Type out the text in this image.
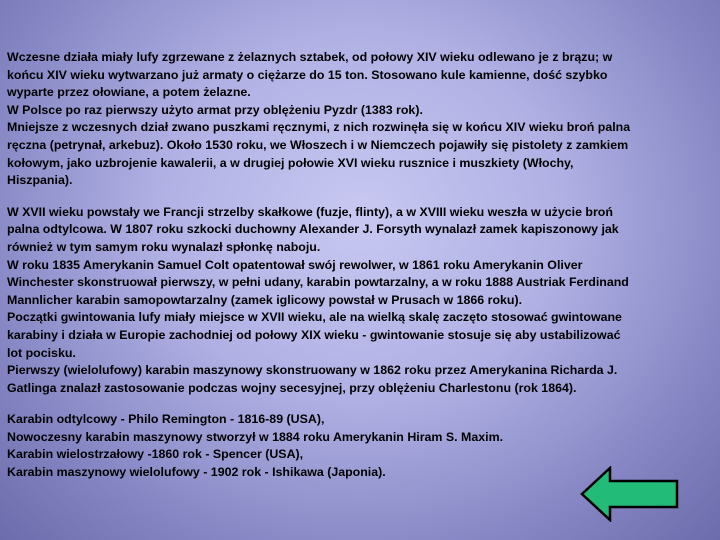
Wczesne działa miały lufy zgrzewane z żelaznych sztabek, od połowy XIV wieku odlewano je z brązu; w
końcu XIV wieku wytwarzano już armaty o ciężarze do 15 ton. Stosowano kule kamienne, dość szybko
wyparte przez ołowiane, a potem żelazne.
W Polsce po raz pierwszy użyto armat przy oblężeniu Pyzdr (1383 rok).
Mniejsze z wczesnych dział zwano puszkami ręcznymi, z nich rozwinęła się w końcu XIV wieku broń palna
ręczna (petrynał, arkebuz). Około 1530 roku, we Włoszech i w Niemczech pojawiły się pistolety z zamkiem
kołowym, jako uzbrojenie kawalerii, a w drugiej połowie XVI wieku rusznice i muszkiety (Włochy,
Hiszpania).

W XVII wieku powstały we Francji strzelby skałkowe (fuzje, flinty), a w XVIII wieku weszła w użycie broń
palna odtylcowa. W 1807 roku szkocki duchowny Alexander J. Forsyth wynalazł zamek kapiszonowy jak
również w tym samym roku wynalazł spłonkę naboju.
W roku 1835 Amerykanin Samuel Colt opatentował swój rewolwer, w 1861 roku Amerykanin Oliver
Winchester skonstruował pierwszy, w pełni udany, karabin powtarzalny, a w roku 1888 Austriak Ferdinand
Mannlicher karabin samopowtarzalny (zamek iglicowy powstał w Prusach w 1866 roku).
Początki gwintowania lufy miały miejsce w XVII wieku, ale na wielką skalę zaczęto stosować gwintowane
karabiny i działa w Europie zachodniej od połowy XIX wieku - gwintowanie stosuje się aby ustabilizować
lot pocisku.
Pierwszy (wielolufowy) karabin maszynowy skonstruowany w 1862 roku przez Amerykanina Richarda J.
Gatlinga znalazł zastosowanie podczas wojny secesyjnej, przy oblężeniu Charlestonu (rok 1864).

Karabin odtylcowy - Philo Remington - 1816-89 (USA),
Nowoczesny karabin maszynowy stworzył w 1884 roku Amerykanin Hiram S. Maxim.
Karabin wielostrzałowy -1860 rok - Spencer (USA),
Karabin maszynowy wielolufowy - 1902 rok - Ishikawa (Japonia).
